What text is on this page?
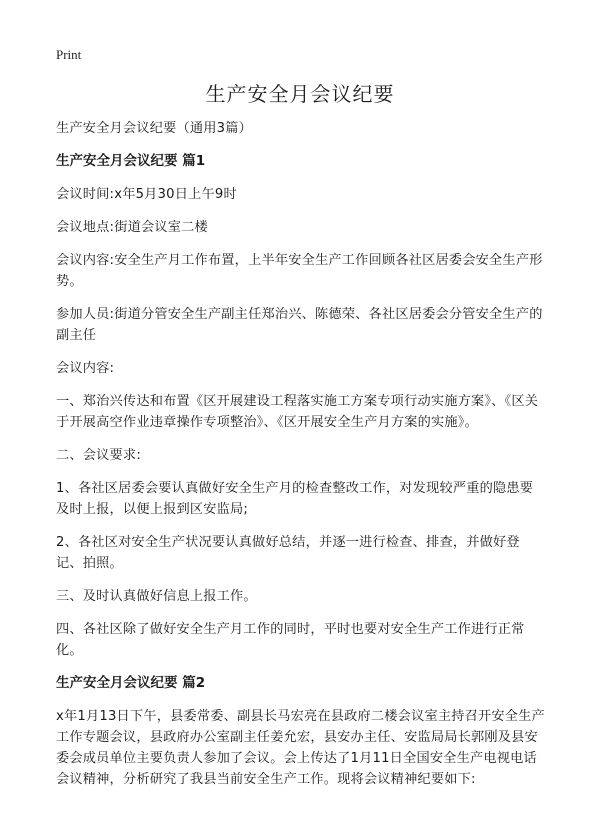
Print

生产安全月会议纪要

生产安全月会议纪要（通用3篇）

生产安全月会议纪要 篇1

会议时间:x年5月30日上午9时

会议地点:街道会议室二楼

会议内容:安全生产月工作布置，上半年安全生产工作回顾各社区居委会安全生产形势。

参加人员:街道分管安全生产副主任郑治兴、陈德荣、各社区居委会分管安全生产的副主任

会议内容:

一、郑治兴传达和布置《区开展建设工程落实施工方案专项行动实施方案》、《区关于开展高空作业违章操作专项整治》、《区开展安全生产月方案的实施》。

二、会议要求:

1、各社区居委会要认真做好安全生产月的检查整改工作，对发现较严重的隐患要及时上报，以便上报到区安监局;

2、各社区对安全生产状况要认真做好总结，并逐一进行检查、排查，并做好登记、拍照。

三、及时认真做好信息上报工作。

四、各社区除了做好安全生产月工作的同时，平时也要对安全生产工作进行正常化。

生产安全月会议纪要 篇2

x年1月13日下午，县委常委、副县长马宏亮在县政府二楼会议室主持召开安全生产工作专题会议，县政府办公室副主任姜允宏，县安办主任、安监局局长郭刚及县安委会成员单位主要负责人参加了会议。会上传达了1月11日全国安全生产电视电话会议精神，分析研究了我县当前安全生产工作。现将会议精神纪要如下:
